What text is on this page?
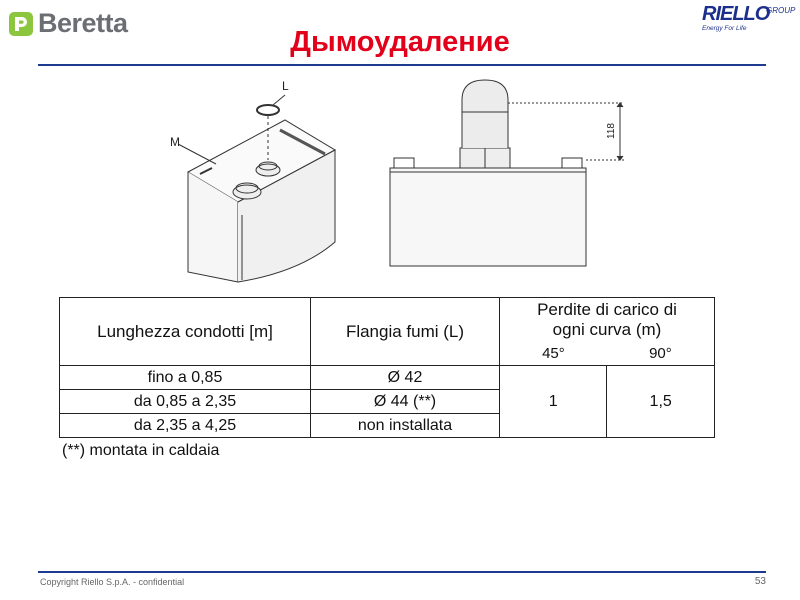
Beretta	RIELLO
GROUP
Energy For Life
Дымоудаление
L
M
118
Lunghezza condotti [m]	Flangia fumi (L)	Perdite di carico di ogni curva (m)	
		45°	90°
fino a 0,85	Ø 42	1	1,5
da 0,85 a 2,35	Ø 44 (**)		
da 2,35 a 4,25	non installata		
(**) montata in caldaia
Copyright Riello S.p.A. - confidential	53
